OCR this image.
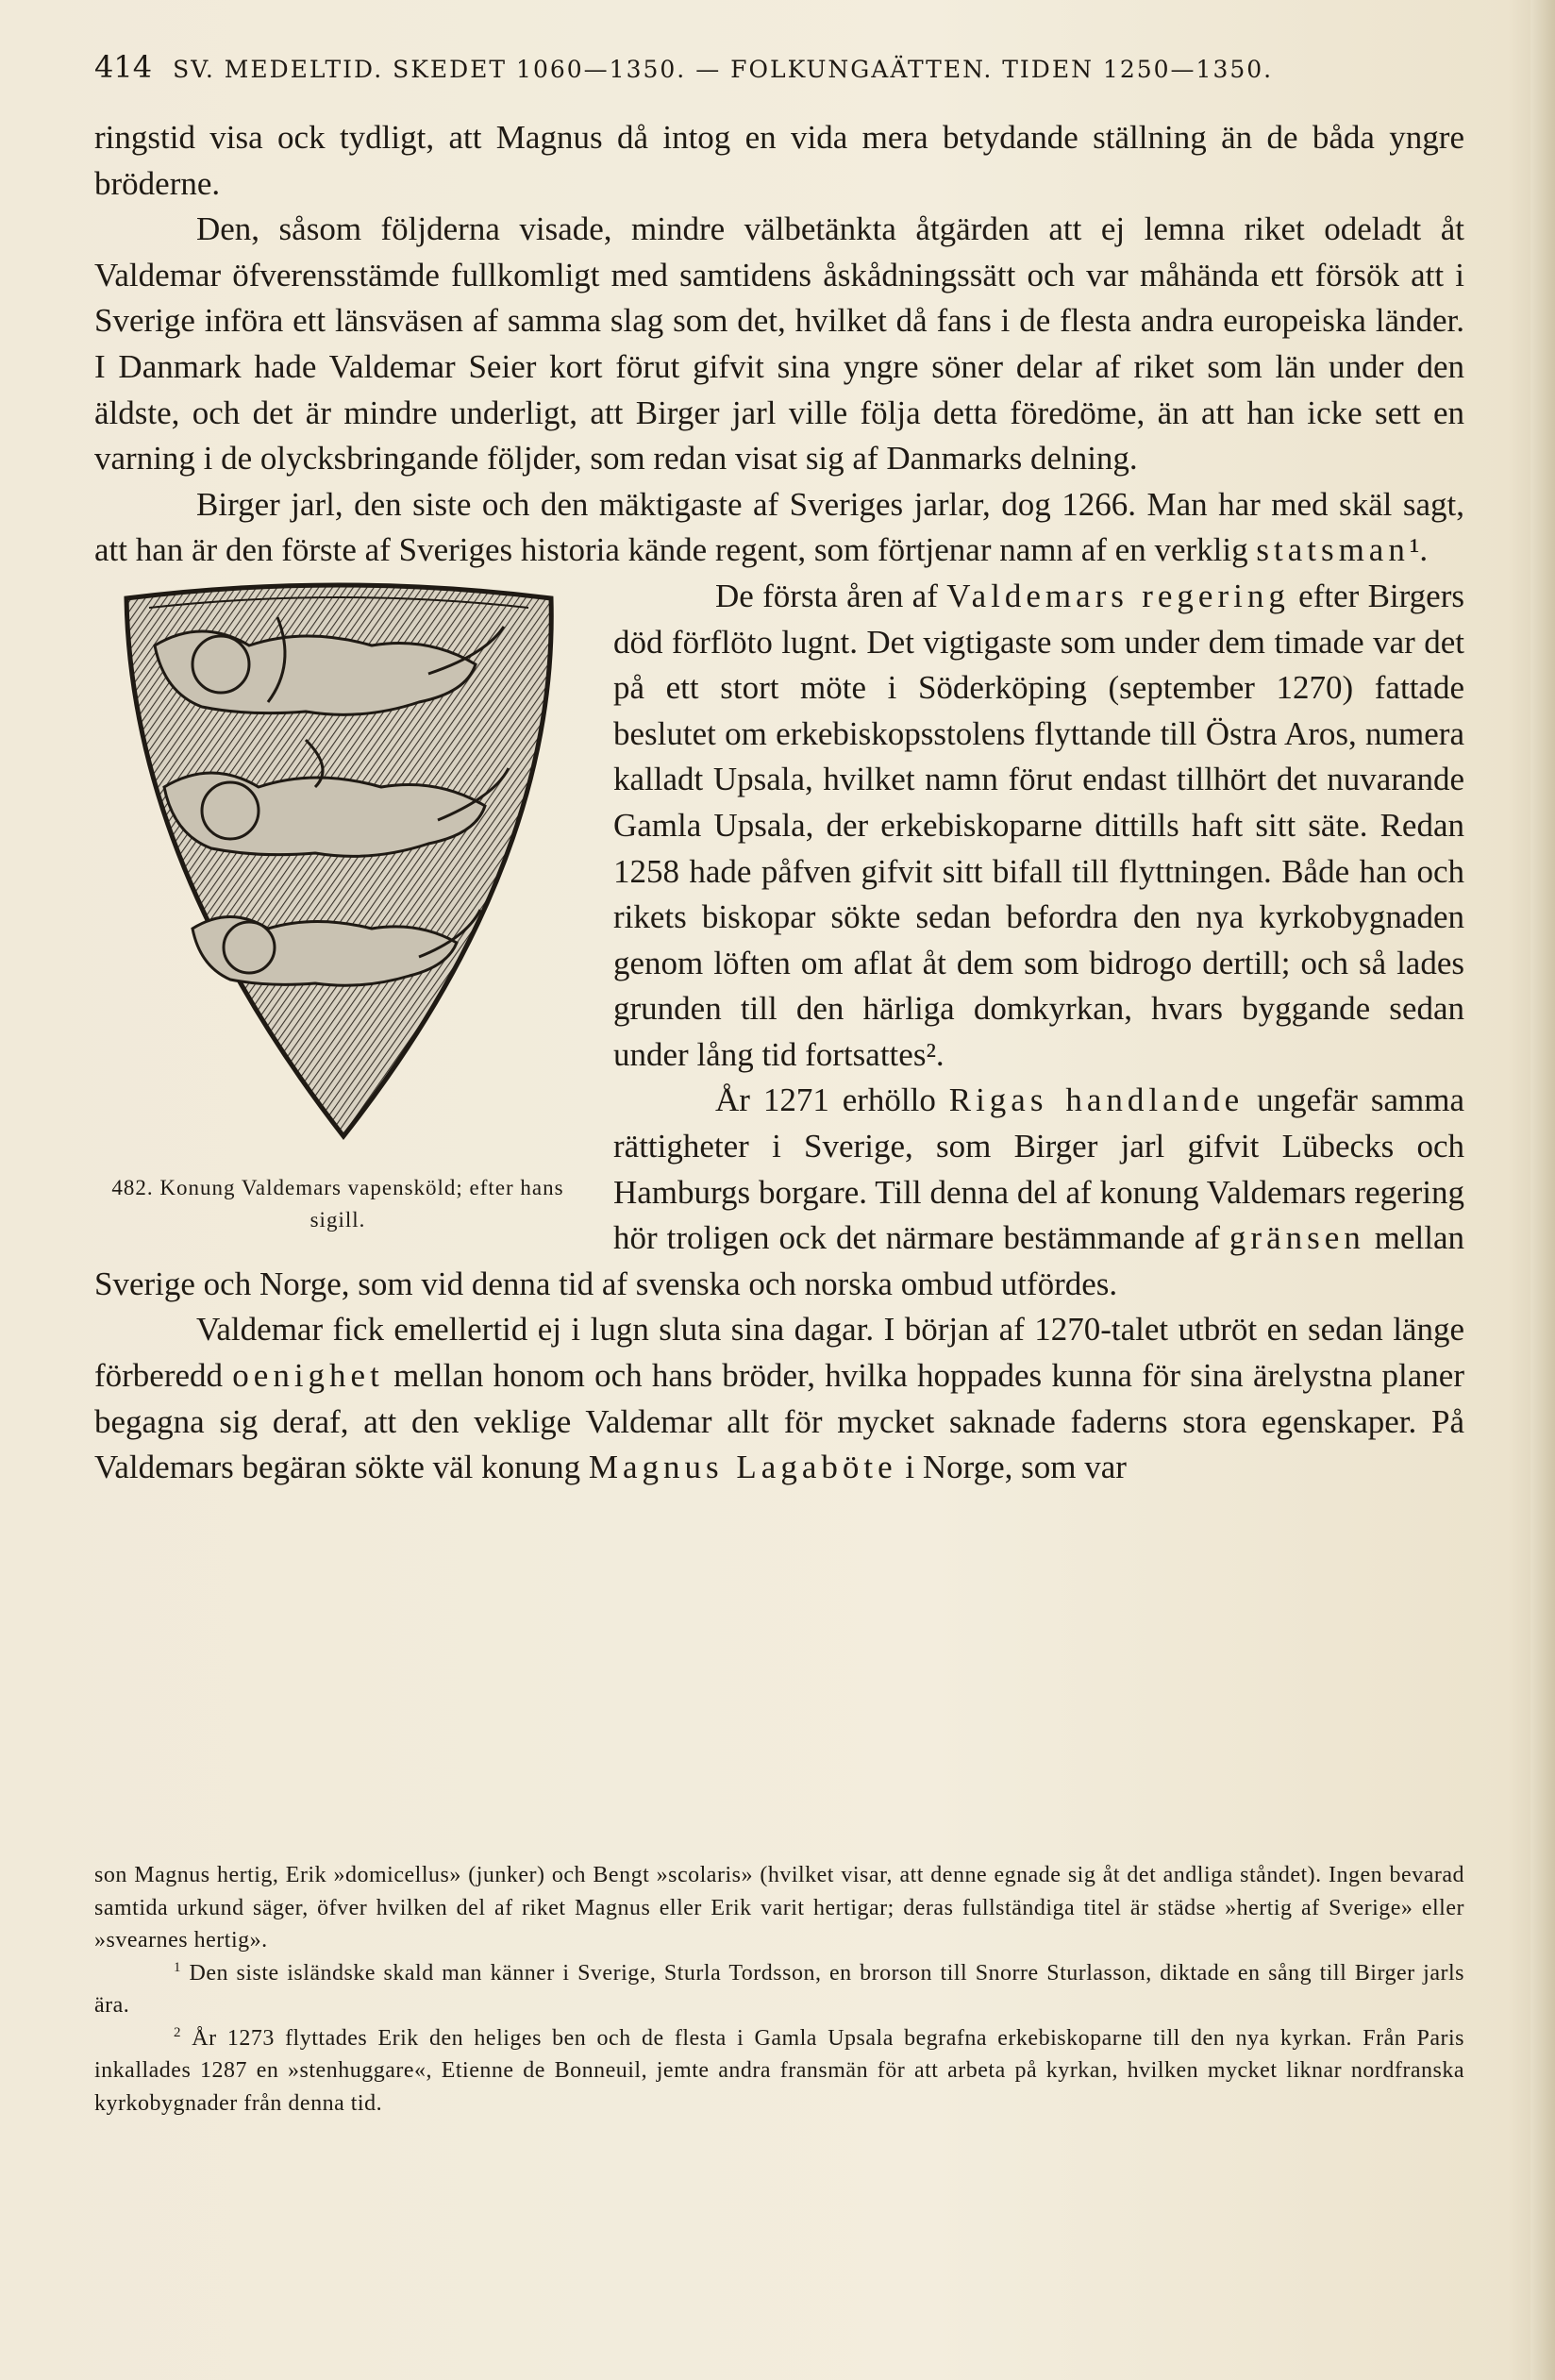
414 SV. MEDELTID. SKEDET 1060—1350. — FOLKUNGAÄTTEN. TIDEN 1250—1350.

ringstid visa ock tydligt, att Magnus då intog en vida mera betydande ställning än de båda yngre bröderne.

Den, såsom följderna visade, mindre välbetänkta åtgärden att ej lemna riket odeladt åt Valdemar öfverensstämde fullkomligt med samtidens åskådningssätt och var måhända ett försök att i Sverige införa ett länsväsen af samma slag som det, hvilket då fans i de flesta andra europeiska länder. I Danmark hade Valdemar Seier kort förut gifvit sina yngre söner delar af riket som län under den äldste, och det är mindre underligt, att Birger jarl ville följa detta föredöme, än att han icke sett en varning i de olycksbringande följder, som redan visat sig af Danmarks delning.

Birger jarl, den siste och den mäktigaste af Sveriges jarlar, dog 1266. Man har med skäl sagt, att han är den förste af Sveriges historia kände regent, som förtjenar namn af en verklig statsman¹.

482. Konung Valdemars vapensköld; efter hans sigill.

De första åren af Valdemars regering efter Birgers död förflöto lugnt. Det vigtigaste som under dem timade var det på ett stort möte i Söderköping (september 1270) fattade beslutet om erkebiskopsstolens flyttande till Östra Aros, numera kalladt Upsala, hvilket namn förut endast tillhört det nuvarande Gamla Upsala, der erkebiskoparne dittills haft sitt säte. Redan 1258 hade påfven gifvit sitt bifall till flyttningen. Både han och rikets biskopar sökte sedan befordra den nya kyrkobygnaden genom löften om aflat åt dem som bidrogo dertill; och så lades grunden till den härliga domkyrkan, hvars byggande sedan under lång tid fortsattes².

År 1271 erhöllo Rigas handlande ungefär samma rättigheter i Sverige, som Birger jarl gifvit Lübecks och Hamburgs borgare. Till denna del af konung Valdemars regering hör troligen ock det närmare bestämmande af gränsen mellan Sverige och Norge, som vid denna tid af svenska och norska ombud utfördes.

Valdemar fick emellertid ej i lugn sluta sina dagar. I början af 1270-talet utbröt en sedan länge förberedd oenighet mellan honom och hans bröder, hvilka hoppades kunna för sina ärelystna planer begagna sig deraf, att den veklige Valdemar allt för mycket saknade faderns stora egenskaper. På Valdemars begäran sökte väl konung Magnus Lagaböte i Norge, som var

son Magnus hertig, Erik »domicellus» (junker) och Bengt »scolaris» (hvilket visar, att denne egnade sig åt det andliga ståndet). Ingen bevarad samtida urkund säger, öfver hvilken del af riket Magnus eller Erik varit hertigar; deras fullständiga titel är städse »hertig af Sverige» eller »svearnes hertig».

$^1$ Den siste isländske skald man känner i Sverige, Sturla Tordsson, en brorson till Snorre Sturlasson, diktade en sång till Birger jarls ära.

$^2$ År 1273 flyttades Erik den heliges ben och de flesta i Gamla Upsala begrafna erkebiskoparne till den nya kyrkan. Från Paris inkallades 1287 en »stenhuggare«, Etienne de Bonneuil, jemte andra fransmän för att arbeta på kyrkan, hvilken mycket liknar nordfranska kyrkobygnader från denna tid.
